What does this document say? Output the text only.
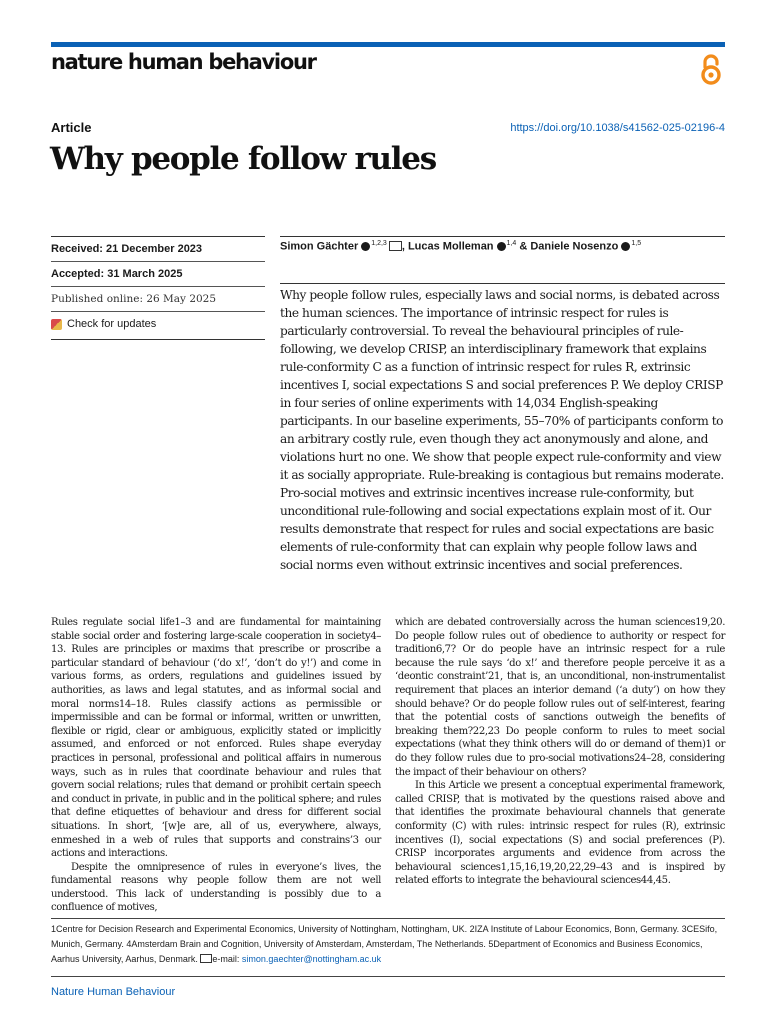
nature human behaviour
Article	https://doi.org/10.1038/s41562-025-02196-4
Why people follow rules
Received: 21 December 2023
Accepted: 31 March 2025
Published online: 26 May 2025
Check for updates
Simon Gächter $^{1,2,3}$ , Lucas Molleman $^{1,4}$ & Daniele Nosenzo $^{1,5}$

Why people follow rules, especially laws and social norms, is debated across the human sciences. The importance of intrinsic respect for rules is particularly controversial. To reveal the behavioural principles of rule-following, we develop CRISP, an interdisciplinary framework that explains rule-conformity C as a function of intrinsic respect for rules R, extrinsic incentives I, social expectations S and social preferences P. We deploy CRISP in four series of online experiments with 14,034 English-speaking participants. In our baseline experiments, 55–70% of participants conform to an arbitrary costly rule, even though they act anonymously and alone, and violations hurt no one. We show that people expect rule-conformity and view it as socially appropriate. Rule-breaking is contagious but remains moderate. Pro-social motives and extrinsic incentives increase rule-conformity, but unconditional rule-following and social expectations explain most of it. Our results demonstrate that respect for rules and social expectations are basic elements of rule-conformity that can explain why people follow laws and social norms even without extrinsic incentives and social preferences.

Rules regulate social life1–3 and are fundamental for maintaining stable social order and fostering large-scale cooperation in society4–13. Rules are principles or maxims that prescribe or proscribe a particular standard of behaviour (‘do x!’, ‘don’t do y!’) and come in various forms, as orders, regulations and guidelines issued by authorities, as laws and legal statutes, and as informal social and moral norms14–18. Rules classify actions as permissible or impermissible and can be formal or informal, written or unwritten, flexible or rigid, clear or ambiguous, explicitly stated or implicitly assumed, and enforced or not enforced. Rules shape everyday practices in personal, professional and political affairs in numerous ways, such as in rules that coordinate behaviour and rules that govern social relations; rules that demand or prohibit certain speech and conduct in private, in public and in the political sphere; and rules that define etiquettes of behaviour and dress for different social situations. In short, ‘[w]e are, all of us, everywhere, always, enmeshed in a web of rules that supports and constrains’3 our actions and interactions.
Despite the omnipresence of rules in everyone’s lives, the fundamental reasons why people follow them are not well understood. This lack of understanding is possibly due to a confluence of motives,

which are debated controversially across the human sciences19,20. Do people follow rules out of obedience to authority or respect for tradition6,7? Or do people have an intrinsic respect for a rule because the rule says ‘do x!’ and therefore people perceive it as a ‘deontic constraint’21, that is, an unconditional, non-instrumentalist requirement that places an interior demand (‘a duty’) on how they should behave? Or do people follow rules out of self-interest, fearing that the potential costs of sanctions outweigh the benefits of breaking them?22,23 Do people conform to rules to meet social expectations (what they think others will do or demand of them)1 or do they follow rules due to pro-social motivations24–28, considering the impact of their behaviour on others?
In this Article we present a conceptual experimental framework, called CRISP, that is motivated by the questions raised above and that identifies the proximate behavioural channels that generate conformity (C) with rules: intrinsic respect for rules (R), extrinsic incentives (I), social expectations (S) and social preferences (P). CRISP incorporates arguments and evidence from across the behavioural sciences1,15,16,19,20,22,29–43 and is inspired by related efforts to integrate the behavioural sciences44,45.

1Centre for Decision Research and Experimental Economics, University of Nottingham, Nottingham, UK. 2IZA Institute of Labour Economics, Bonn, Germany. 3CESifo, Munich, Germany. 4Amsterdam Brain and Cognition, University of Amsterdam, Amsterdam, The Netherlands. 5Department of Economics and Business Economics, Aarhus University, Aarhus, Denmark. e-mail: simon.gaechter@nottingham.ac.uk

Nature Human Behaviour
